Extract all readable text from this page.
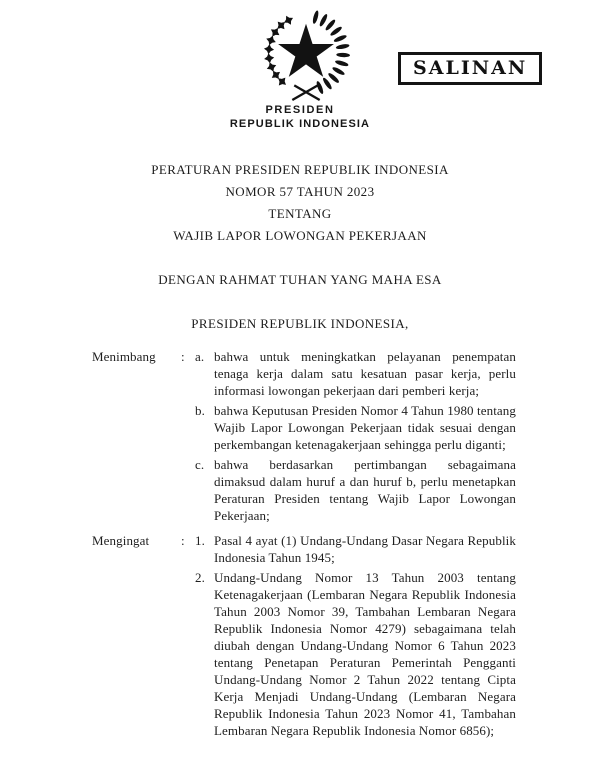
PRESIDEN
REPUBLIK INDONESIA
SALINAN
PERATURAN PRESIDEN REPUBLIK INDONESIA
NOMOR 57 TAHUN 2023
TENTANG
WAJIB LAPOR LOWONGAN PEKERJAAN
DENGAN RAHMAT TUHAN YANG MAHA ESA
PRESIDEN REPUBLIK INDONESIA,
Menimbang	: a. bahwa untuk meningkatkan pelayanan penempatan tenaga kerja dalam satu kesatuan pasar kerja, perlu informasi lowongan pekerjaan dari pemberi kerja;
b. bahwa Keputusan Presiden Nomor 4 Tahun 1980 tentang Wajib Lapor Lowongan Pekerjaan tidak sesuai dengan perkembangan ketenagakerjaan sehingga perlu diganti;
c. bahwa berdasarkan pertimbangan sebagaimana dimaksud dalam huruf a dan huruf b, perlu menetapkan Peraturan Presiden tentang Wajib Lapor Lowongan Pekerjaan;
Mengingat	: 1. Pasal 4 ayat (1) Undang-Undang Dasar Negara Republik Indonesia Tahun 1945;
2. Undang-Undang Nomor 13 Tahun 2003 tentang Ketenagakerjaan (Lembaran Negara Republik Indonesia Tahun 2003 Nomor 39, Tambahan Lembaran Negara Republik Indonesia Nomor 4279) sebagaimana telah diubah dengan Undang-Undang Nomor 6 Tahun 2023 tentang Penetapan Peraturan Pemerintah Pengganti Undang-Undang Nomor 2 Tahun 2022 tentang Cipta Kerja Menjadi Undang-Undang (Lembaran Negara Republik Indonesia Tahun 2023 Nomor 41, Tambahan Lembaran Negara Republik Indonesia Nomor 6856);
